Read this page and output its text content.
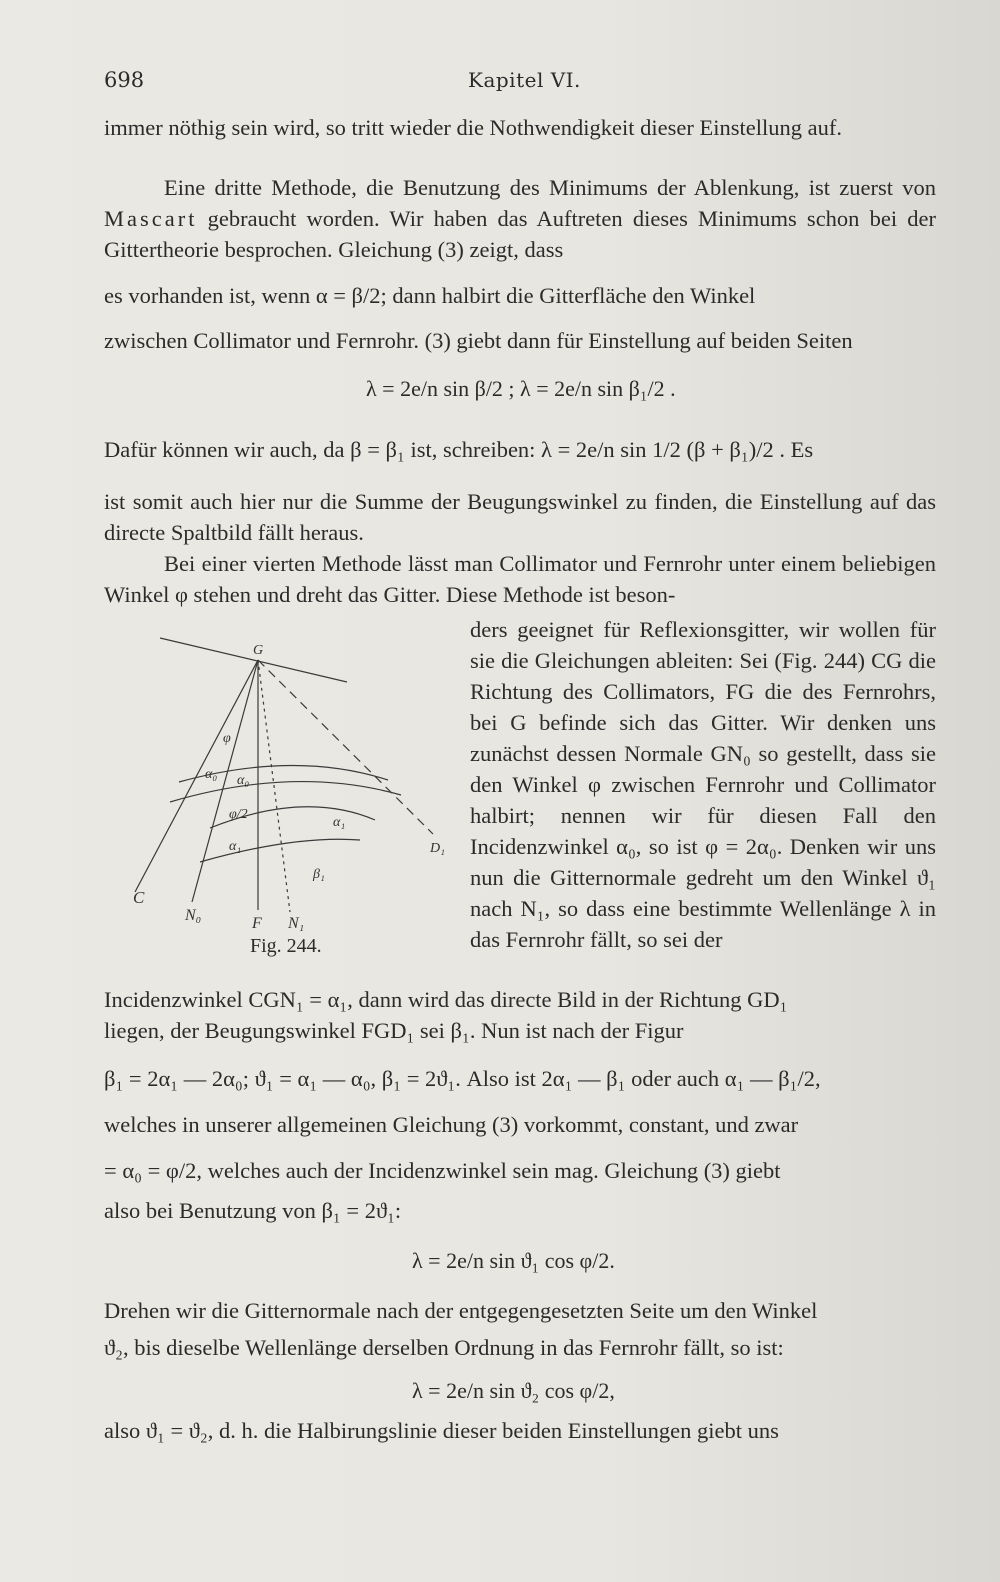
698	Kapitel VI.
immer nöthig sein wird, so tritt wieder die Nothwendigkeit dieser Einstellung auf.
Eine dritte Methode, die Benutzung des Minimums der Ablenkung, ist zuerst von Mascart gebraucht worden. Wir haben das Auftreten dieses Minimums schon bei der Gittertheorie besprochen. Gleichung (3) zeigt, dass
es vorhanden ist, wenn α = β/2; dann halbirt die Gitterfläche den Winkel
zwischen Collimator und Fernrohr. (3) giebt dann für Einstellung auf beiden Seiten
λ = 2e/n sin β/2 ; λ = 2e/n sin β₁/2 .
Dafür können wir auch, da β = β₁ ist, schreiben: λ = 2e/n sin 1/2 (β + β₁)/2 . Es
ist somit auch hier nur die Summe der Beugungswinkel zu finden, die Einstellung auf das directe Spaltbild fällt heraus.
Bei einer vierten Methode lässt man Collimator und Fernrohr unter einem beliebigen Winkel φ stehen und dreht das Gitter. Diese Methode ist beson-
ders geeignet für Reflexionsgitter, wir wollen für sie die Gleichungen ableiten: Sei (Fig. 244) CG die Richtung des Collimators, FG die des Fernrohrs, bei G befinde sich das Gitter. Wir denken uns zunächst dessen Normale GN₀ so gestellt, dass sie den Winkel φ zwischen Fernrohr und Collimator halbirt; nennen wir für diesen Fall den Incidenzwinkel α₀, so ist φ = 2α₀. Denken wir uns nun die Gitternormale gedreht um den Winkel ϑ₁ nach N₁, so dass eine bestimmte Wellenlänge λ in das Fernrohr fällt, so sei der
G
C
N₀	F N₁
D₁
φ
α₀ α₀
φ/2
α₁
α₁
β₁
Fig. 244.
Incidenzwinkel CGN₁ = α₁, dann wird das directe Bild in der Richtung GD₁
liegen, der Beugungswinkel FGD₁ sei β₁. Nun ist nach der Figur
β₁ = 2α₁ — 2α₀; ϑ₁ = α₁ — α₀, β₁ = 2ϑ₁. Also ist 2α₁ — β₁ oder auch α₁ — β₁/2,
welches in unserer allgemeinen Gleichung (3) vorkommt, constant, und zwar
= α₀ = φ/2, welches auch der Incidenzwinkel sein mag. Gleichung (3) giebt
also bei Benutzung von β₁ = 2ϑ₁:
λ = 2e/n sin ϑ₁ cos φ/2.
Drehen wir die Gitternormale nach der entgegengesetzten Seite um den Winkel
ϑ₂, bis dieselbe Wellenlänge derselben Ordnung in das Fernrohr fällt, so ist:
λ = 2e/n sin ϑ₂ cos φ/2,
also ϑ₁ = ϑ₂, d. h. die Halbirungslinie dieser beiden Einstellungen giebt uns
